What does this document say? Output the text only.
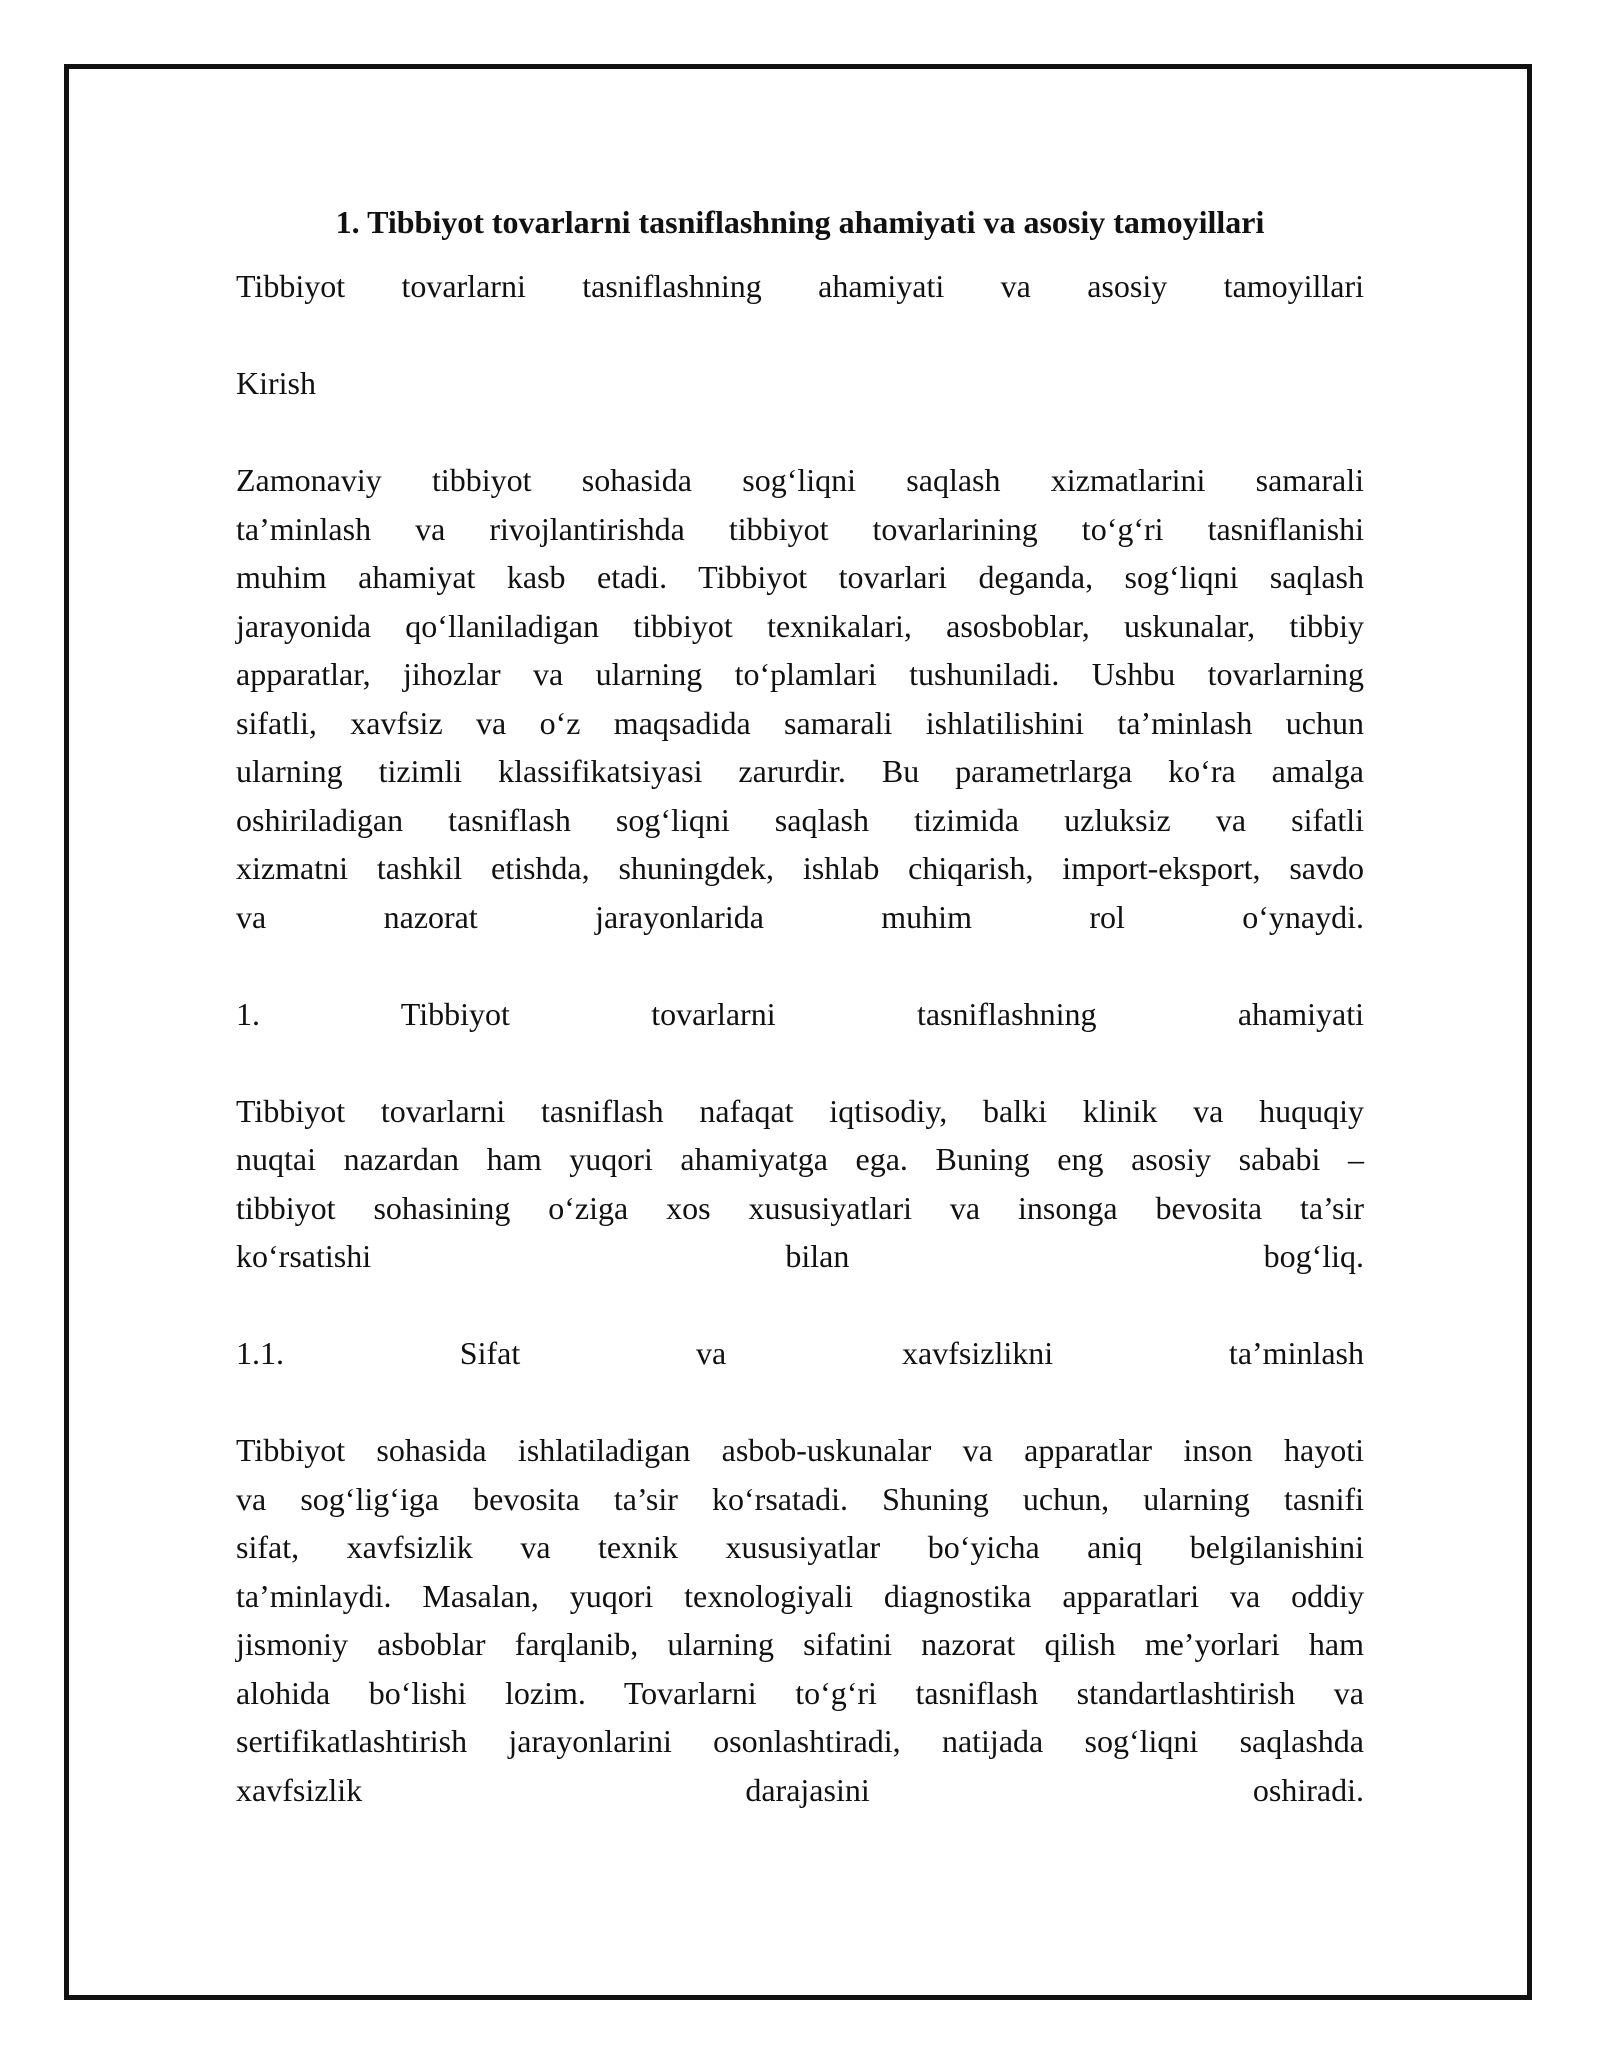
1. Tibbiyot tovarlarni tasniflashning ahamiyati va asosiy tamoyillari

Tibbiyot tovarlarni tasniflashning ahamiyati va asosiy tamoyillari

Kirish

Zamonaviy tibbiyot sohasida sog‘liqni saqlash xizmatlarini samarali

ta’minlash va rivojlantirishda tibbiyot tovarlarining to‘g‘ri tasniflanishi

muhim ahamiyat kasb etadi. Tibbiyot tovarlari deganda, sog‘liqni saqlash

jarayonida qo‘llaniladigan tibbiyot texnikalari, asosboblar, uskunalar, tibbiy

apparatlar, jihozlar va ularning to‘plamlari tushuniladi. Ushbu tovarlarning

sifatli, xavfsiz va o‘z maqsadida samarali ishlatilishini ta’minlash uchun

ularning tizimli klassifikatsiyasi zarurdir. Bu parametrlarga ko‘ra amalga

oshiriladigan tasniflash sog‘liqni saqlash tizimida uzluksiz va sifatli

xizmatni tashkil etishda, shuningdek, ishlab chiqarish, import-eksport, savdo

va nazorat jarayonlarida muhim rol o‘ynaydi.

1. Tibbiyot tovarlarni tasniflashning ahamiyati

Tibbiyot tovarlarni tasniflash nafaqat iqtisodiy, balki klinik va huquqiy

nuqtai nazardan ham yuqori ahamiyatga ega. Buning eng asosiy sababi –

tibbiyot sohasining o‘ziga xos xususiyatlari va insonga bevosita ta’sir

ko‘rsatishi bilan bog‘liq.

1.1. Sifat va xavfsizlikni ta’minlash

Tibbiyot sohasida ishlatiladigan asbob-uskunalar va apparatlar inson hayoti

va sog‘lig‘iga bevosita ta’sir ko‘rsatadi. Shuning uchun, ularning tasnifi

sifat, xavfsizlik va texnik xususiyatlar bo‘yicha aniq belgilanishini

ta’minlaydi. Masalan, yuqori texnologiyali diagnostika apparatlari va oddiy

jismoniy asboblar farqlanib, ularning sifatini nazorat qilish me’yorlari ham

alohida bo‘lishi lozim. Tovarlarni to‘g‘ri tasniflash standartlashtirish va

sertifikatlashtirish jarayonlarini osonlashtiradi, natijada sog‘liqni saqlashda

xavfsizlik darajasini oshiradi.
